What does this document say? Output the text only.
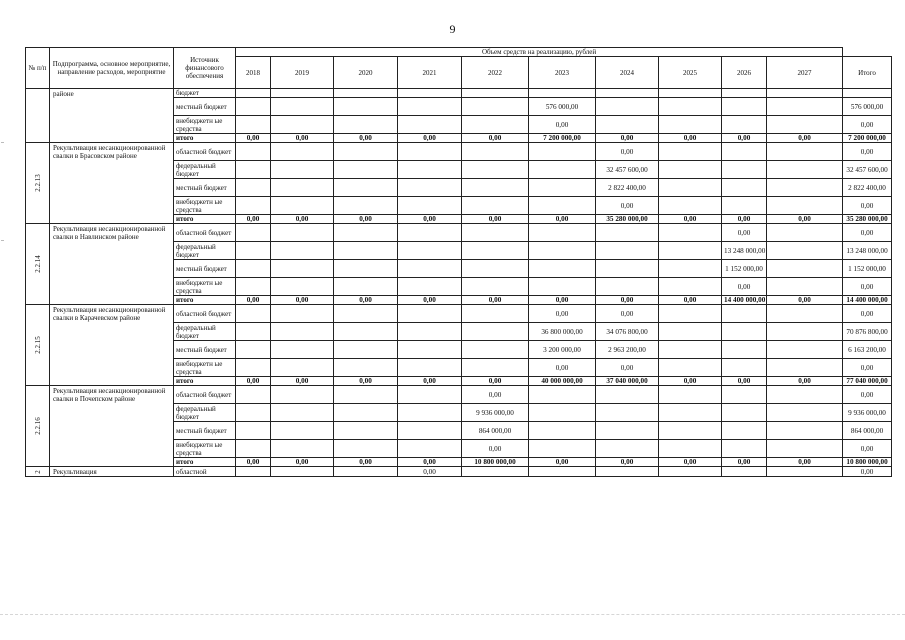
9
№ п/п	Подпрограмма, основное мероприятие, направление расходов, мероприятие	Источник финансового обеспечения	Объем средств на реализацию, рублей										
			2018	2019	2020	2021	2022	2023	2024	2025	2026	2027	Итого
	районе	бюджет											
		местный бюджет						576 000,00					576 000,00
		внебюджетн ые средства						0,00					0,00
		итого	0,00	0,00	0,00	0,00	0,00	7 200 000,00	0,00	0,00	0,00	0,00	7 200 000,00
2.2.13	Рекультивация несанкционированной свалки в Брасовском районе	областной бюджет							0,00				0,00
		федеральный бюджет							32 457 600,00				32 457 600,00
		местный бюджет							2 822 400,00				2 822 400,00
		внебюджетн ые средства							0,00				0,00
		итого	0,00	0,00	0,00	0,00	0,00	0,00	35 280 000,00	0,00	0,00	0,00	35 280 000,00
2.2.14	Рекультивация несанкционированной свалки в Навлинском районе	областной бюджет									0,00		0,00
		федеральный бюджет									13 248 000,00		13 248 000,00
		местный бюджет									1 152 000,00		1 152 000,00
		внебюджетн ые средства									0,00		0,00
		итого	0,00	0,00	0,00	0,00	0,00	0,00	0,00	0,00	14 400 000,00	0,00	14 400 000,00
2.2.15	Рекультивация несанкционированной свалки в Карачевском районе	областной бюджет						0,00	0,00				0,00
		федеральный бюджет						36 800 000,00	34 076 800,00				70 876 800,00
		местный бюджет						3 200 000,00	2 963 200,00				6 163 200,00
		внебюджетн ые средства						0,00	0,00				0,00
		итого	0,00	0,00	0,00	0,00	0,00	40 000 000,00	37 040 000,00	0,00	0,00	0,00	77 040 000,00
2.2.16	Рекультивация несанкционированной свалки в Почепском районе	областной бюджет					0,00						0,00
		федеральный бюджет					9 936 000,00						9 936 000,00
		местный бюджет					864 000,00						864 000,00
		внебюджетн ые средства					0,00						0,00
		итого	0,00	0,00	0,00	0,00	10 800 000,00	0,00	0,00	0,00	0,00	0,00	10 800 000,00
2	Рекультивация	областной				0,00							0,00
